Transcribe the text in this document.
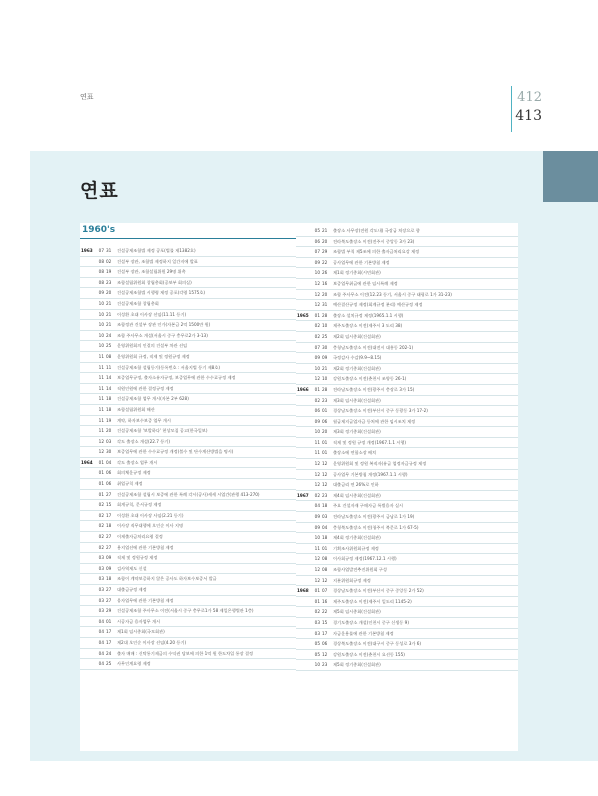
연표	412
413
연표
1960's
1963	07 31	건설공제조합법 제정 공포(법률 제1382호)
08 02	건설부 장관, 조합법 제정하지 일간지에 발표
08 19	건설부 장관, 조합설립위원 29명 위촉
08 23	조합설립위원회 창립총회(공보부 회의실)
09 20	건설공제조합법 시행령 제정 공포(각령 1575호)
10 21	건설공제조합 창립총회
10 21	이성환 초대 이사장 선임(11.11 등기)
10 21	조합정관 건설부 장관 인가(자본금 2억 1500만 원)
10 24	조합 주사무소 개설(서울시 중구 충무로2가 3-13)
10 25	운영위원회의 인결의 건설부 차관 선임
11 08	운영위원회 규정, 직제 및 정원규정 제정
11 11	건설공제조합 설립등기(등록번호 : 서울지법 등기 제8호)
11 14	보증업무규정, 출자소유자규정, 보증업무에 관한 수수료규정 제정
11 14	직원인원에 관한 결정규정 제정
11 18	건설공제조합 업무 개시(자본 2부 628)
11 18	조합설립위원회 해산
11 19	계약, 하자보수보증 업무 개시
11 20	건설공제조합 '보발하다' 현상모집 공고(한국일보)
12 03	각도 출장소 개설(22.7 등기)
12 30	보증업무에 관한 수수료규정 개정(불수 및 단수계산방법을 명시)
1964	01 04	각도 출장소 업무 개시
01 06	회의체운규정 제정
01 06	취업규칙 제정
01 27	건설공제조합 설립시 보증에 관한 특례 각시(공사)세세 시업간(관행 413-270)
02 15	회계규칙, 문서규정 제정
02 17	이성환 초대 이사장 사임(2.21 등기)
02 18	이사장 직무대행에 오인순 이사 지명
02 27	이제출자금처리요령 결정
02 27	용지업선에 관한 기본방침 제정
03 09	직제 및 정원규정 제정
03 09	검사역제도 신설
03 18	조합이 계약보증하지 않은 공사도 하자보수보증서 발급
03 27	대출금규정 제정
03 27	융자업무에 관한 기본방침 제정
03 29	건설공제조합 주사무소 이전(서울시 중구 충무로1가 58 제일은행별관 1층)
04 01	시공자금 융자업무 개시
04 17	제1회 임시총회(국모회관)
04 17	제2대 오인순 이사장 선임(4.20 등기)
04 24	출자 매매 : 신탁통기제금의 수익권 담보에 의한 1억 원 한도차입 통장 결정
04 25	사무인계요령 제정
05 21	출장소 사무장(전원 각도내) 국장급 처장으로 향
06 20	전라북도출장소 이전(전주시 중앙동 3가 23)
07 29	조합법 부칙 제5조에 의한 출자금처리요강 제정
09 22	공사업무에 관한 기본방침 제정
10 26	제1회 정기총회(시민회관)
12 16	보증업무취급에 관한 임시특례 제정
12 20	조합 주사무소 이전(12.23 등기, 서울시 중구 태평로 1가 31-23)
12 31	예산결산규정 제정(회계규정 분리) 예산규정 제정
1965	01 28	출장소 설치규정 제정(1965.1.1 시행)
02 10	제주도출장소 이전(제주시 3 도리 38)
02 25	제2회 임시총회(건설회관)
07 30	충청남도출장소 이전(대전시 대흥동 202-1)
09 09	국정감사 수감(9.9~8.15)
10 21	제2회 정기총회(건설회관)
12 10	강원도출장소 이전(춘천시 조양동 26-1)
1966	01 28	전라남도출장소 이전(광주시 충장로 3가 15)
02 23	제3회 임시총회(건설회관)
06 01	경상남도출장소 이전(부산시 중구 동광동 3가 17-2)
09 06	월급제지급업자금 등처에 관한 임시조치 제정
10 20	제3회 정기총회(건설회관)
11 01	직제 및 정원 규정 개정(1967.1.1 시행)
11 01	출장소에 연합소장 배치
12 12	운영위원회 및 정원 복직자(유급 업정자금규정 제정
12 12	공사업무 기본방침 개정(1967.1.1 시행)
12 12	대출금리 연 26%로 인하
1967	02 23	제4회 임시총회(건설회관)
04 18	주요 건설자재 구매자금 특별융자 실시
09 03	전라남도출장소 이전(광주시 금남로 1가 19)
09 04	충청북도출장소 이전(청주시 북문로 1가 67-5)
10 18	제4회 정기총회(건설회관)
11 01	기획조사위원회규정 제정
12 08	이사회규정 제정(1967.12.1 시행)
12 08	조합사업발전추진위원회 구성
12 12	지분위원회규정 제정
1968	01 07	경상남도출장소 이전(부산시 중구 중앙동 2가 52)
01 16	제주도출장소 이전(제주시 일도리 1145-2)
02 22	제5회 임시총회(건설회관)
03 15	경기도출장소 개설(인천시 중구 신생동 9)
03 17	자금운용률에 관한 기본방침 제정
05 06	경상북도출장소 이전(대구시 중구 동성로 3가 6)
05 12	강원도출장소 이전(춘천시 요선동 155)
10 23	제5회 정기총회(건설회관)
